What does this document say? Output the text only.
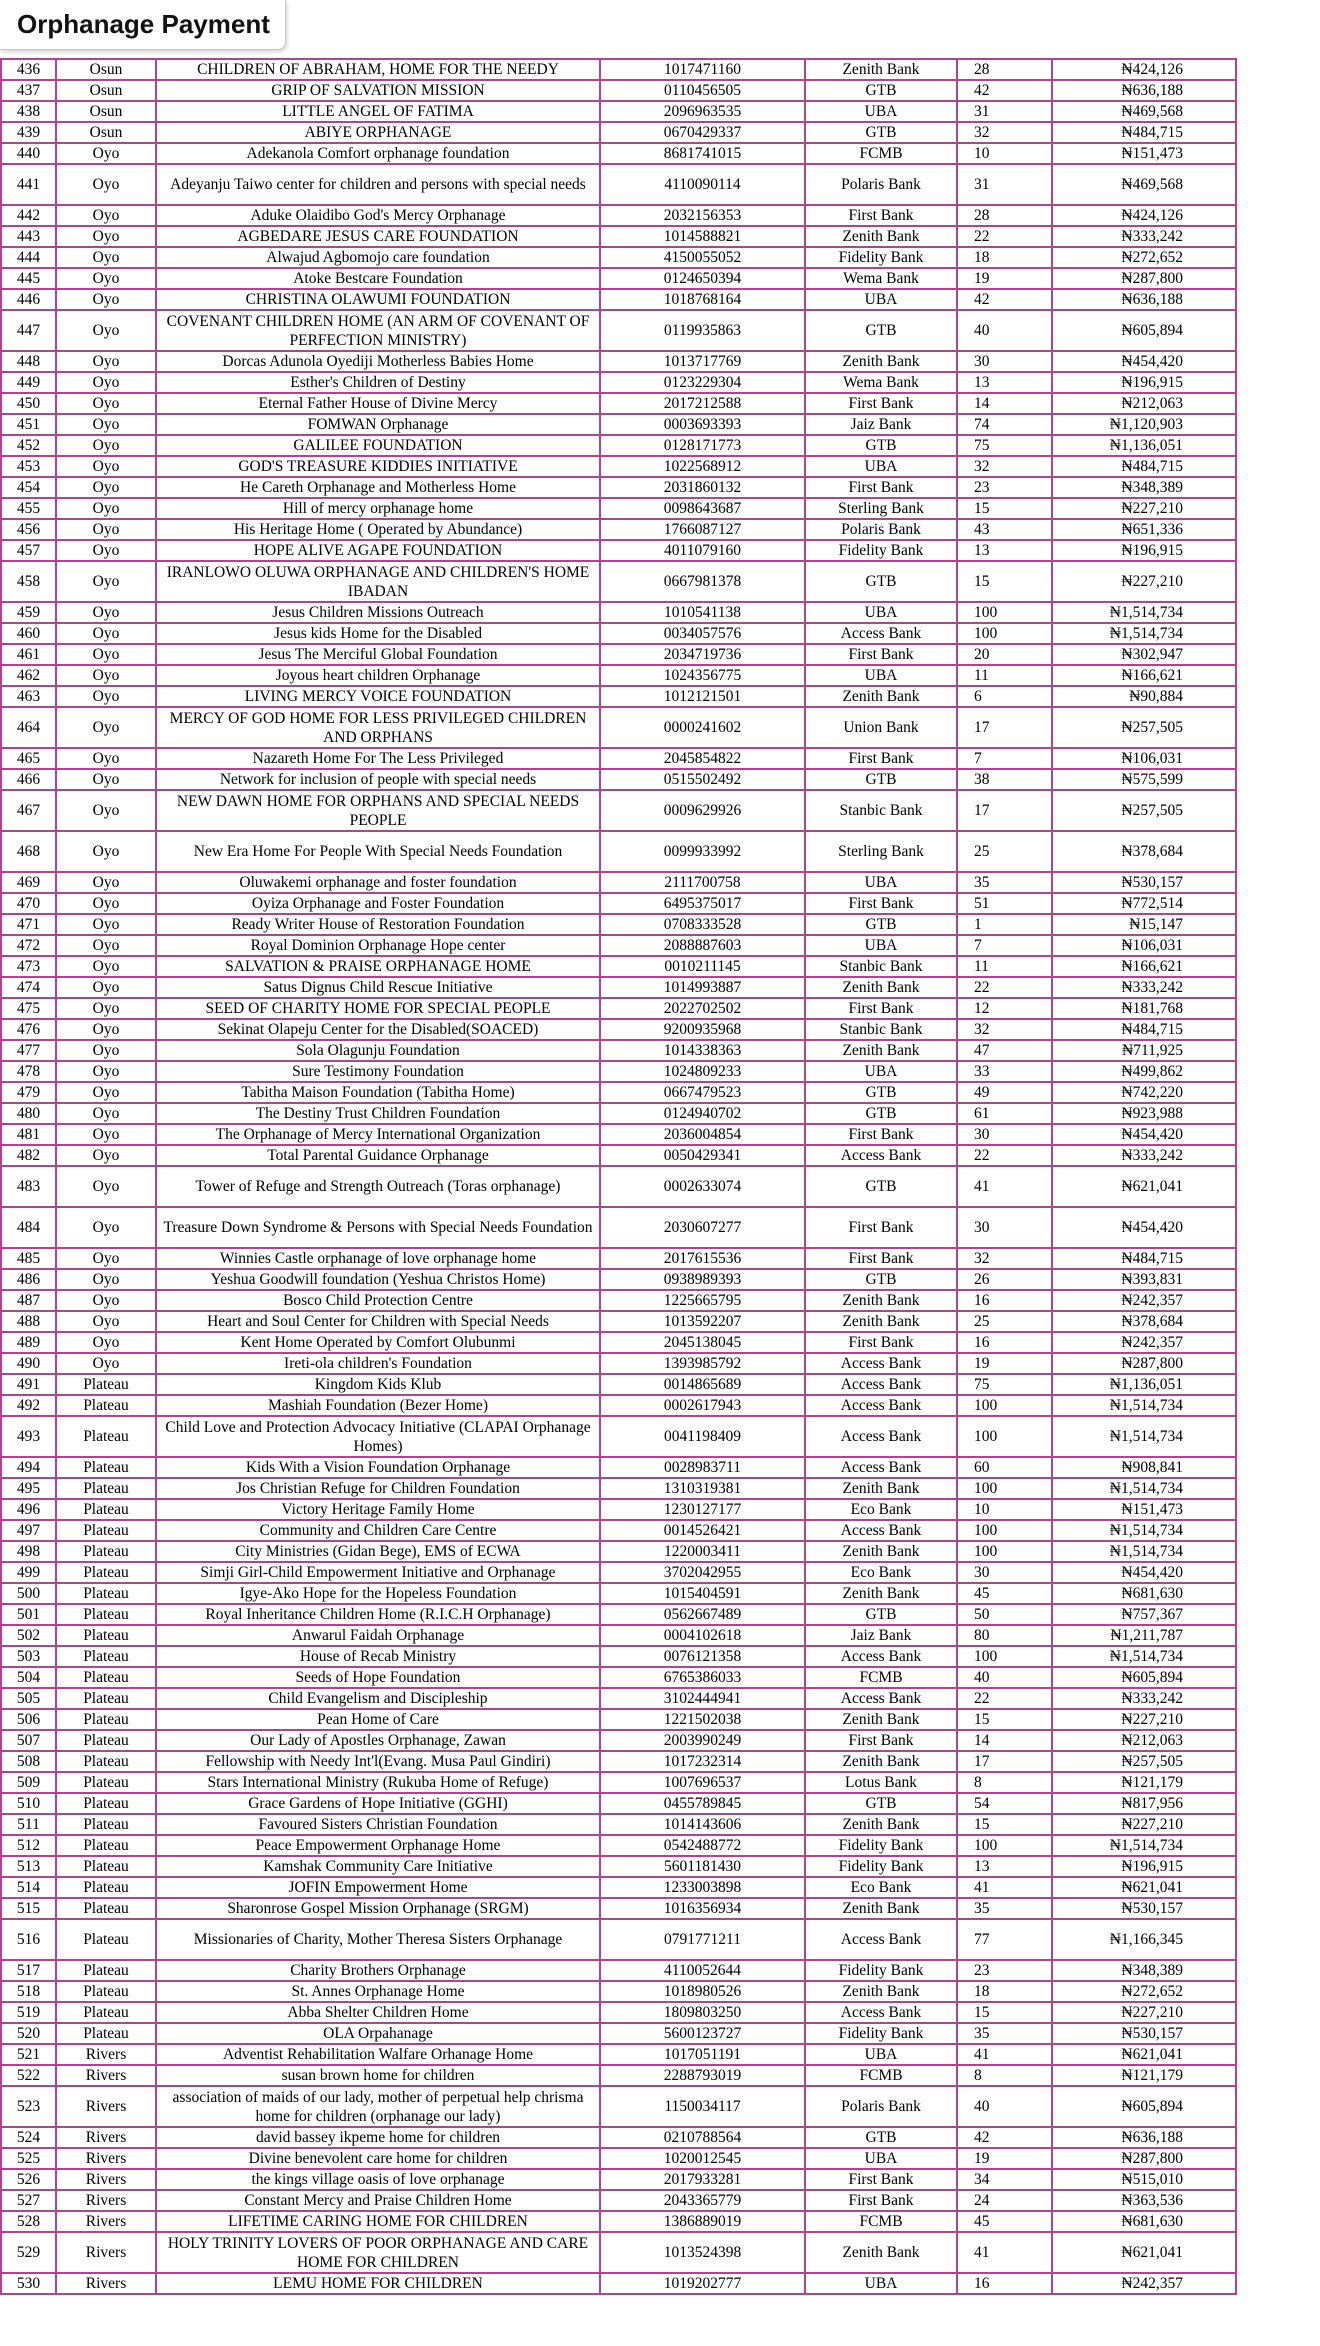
Orphanage Payment
436	Osun	CHILDREN OF ABRAHAM, HOME FOR THE NEEDY	1017471160	Zenith Bank	28	₦424,126
437	Osun	GRIP OF SALVATION MISSION	0110456505	GTB	42	₦636,188
438	Osun	LITTLE ANGEL OF FATIMA	2096963535	UBA	31	₦469,568
439	Osun	ABIYE ORPHANAGE	0670429337	GTB	32	₦484,715
440	Oyo	Adekanola Comfort orphanage foundation	8681741015	FCMB	10	₦151,473
441	Oyo	Adeyanju Taiwo center for children and persons with special needs	4110090114	Polaris Bank	31	₦469,568
442	Oyo	Aduke Olaidibo God's Mercy Orphanage	2032156353	First Bank	28	₦424,126
443	Oyo	AGBEDARE JESUS CARE FOUNDATION	1014588821	Zenith Bank	22	₦333,242
444	Oyo	Alwajud Agbomojo care foundation	4150055052	Fidelity Bank	18	₦272,652
445	Oyo	Atoke Bestcare Foundation	0124650394	Wema Bank	19	₦287,800
446	Oyo	CHRISTINA OLAWUMI FOUNDATION	1018768164	UBA	42	₦636,188
447	Oyo	COVENANT CHILDREN HOME (AN ARM OF COVENANT OF PERFECTION MINISTRY)	0119935863	GTB	40	₦605,894
448	Oyo	Dorcas Adunola Oyediji Motherless Babies Home	1013717769	Zenith Bank	30	₦454,420
449	Oyo	Esther's Children of Destiny	0123229304	Wema Bank	13	₦196,915
450	Oyo	Eternal Father House of Divine Mercy	2017212588	First Bank	14	₦212,063
451	Oyo	FOMWAN Orphanage	0003693393	Jaiz Bank	74	₦1,120,903
452	Oyo	GALILEE FOUNDATION	0128171773	GTB	75	₦1,136,051
453	Oyo	GOD'S TREASURE KIDDIES INITIATIVE	1022568912	UBA	32	₦484,715
454	Oyo	He Careth Orphanage and Motherless Home	2031860132	First Bank	23	₦348,389
455	Oyo	Hill of mercy orphanage home	0098643687	Sterling Bank	15	₦227,210
456	Oyo	His Heritage Home ( Operated by Abundance)	1766087127	Polaris Bank	43	₦651,336
457	Oyo	HOPE ALIVE AGAPE FOUNDATION	4011079160	Fidelity Bank	13	₦196,915
458	Oyo	IRANLOWO OLUWA ORPHANAGE AND CHILDREN'S HOME IBADAN	0667981378	GTB	15	₦227,210
459	Oyo	Jesus Children Missions Outreach	1010541138	UBA	100	₦1,514,734
460	Oyo	Jesus kids Home for the Disabled	0034057576	Access Bank	100	₦1,514,734
461	Oyo	Jesus The Merciful Global Foundation	2034719736	First Bank	20	₦302,947
462	Oyo	Joyous heart children Orphanage	1024356775	UBA	11	₦166,621
463	Oyo	LIVING MERCY VOICE FOUNDATION	1012121501	Zenith Bank	6	₦90,884
464	Oyo	MERCY OF GOD HOME FOR LESS PRIVILEGED CHILDREN AND ORPHANS	0000241602	Union Bank	17	₦257,505
465	Oyo	Nazareth Home For The Less Privileged	2045854822	First Bank	7	₦106,031
466	Oyo	Network for inclusion of people with special needs	0515502492	GTB	38	₦575,599
467	Oyo	NEW DAWN HOME FOR ORPHANS AND SPECIAL NEEDS PEOPLE	0009629926	Stanbic Bank	17	₦257,505
468	Oyo	New Era Home For People With Special Needs Foundation	0099933992	Sterling Bank	25	₦378,684
469	Oyo	Oluwakemi orphanage and foster foundation	2111700758	UBA	35	₦530,157
470	Oyo	Oyiza Orphanage and Foster Foundation	6495375017	First Bank	51	₦772,514
471	Oyo	Ready Writer House of Restoration Foundation	0708333528	GTB	1	₦15,147
472	Oyo	Royal Dominion Orphanage Hope center	2088887603	UBA	7	₦106,031
473	Oyo	SALVATION & PRAISE ORPHANAGE HOME	0010211145	Stanbic Bank	11	₦166,621
474	Oyo	Satus Dignus Child Rescue Initiative	1014993887	Zenith Bank	22	₦333,242
475	Oyo	SEED OF CHARITY HOME FOR SPECIAL PEOPLE	2022702502	First Bank	12	₦181,768
476	Oyo	Sekinat Olapeju Center for the Disabled(SOACED)	9200935968	Stanbic Bank	32	₦484,715
477	Oyo	Sola Olagunju Foundation	1014338363	Zenith Bank	47	₦711,925
478	Oyo	Sure Testimony Foundation	1024809233	UBA	33	₦499,862
479	Oyo	Tabitha Maison Foundation (Tabitha Home)	0667479523	GTB	49	₦742,220
480	Oyo	The Destiny Trust Children Foundation	0124940702	GTB	61	₦923,988
481	Oyo	The Orphanage of Mercy International Organization	2036004854	First Bank	30	₦454,420
482	Oyo	Total Parental Guidance Orphanage	0050429341	Access Bank	22	₦333,242
483	Oyo	Tower of Refuge and Strength Outreach (Toras orphanage)	0002633074	GTB	41	₦621,041
484	Oyo	Treasure Down Syndrome & Persons with Special Needs Foundation	2030607277	First Bank	30	₦454,420
485	Oyo	Winnies Castle orphanage of love orphanage home	2017615536	First Bank	32	₦484,715
486	Oyo	Yeshua Goodwill foundation (Yeshua Christos Home)	0938989393	GTB	26	₦393,831
487	Oyo	Bosco Child Protection Centre	1225665795	Zenith Bank	16	₦242,357
488	Oyo	Heart and Soul Center for Children with Special Needs	1013592207	Zenith Bank	25	₦378,684
489	Oyo	Kent Home Operated by Comfort Olubunmi	2045138045	First Bank	16	₦242,357
490	Oyo	Ireti-ola children's Foundation	1393985792	Access Bank	19	₦287,800
491	Plateau	Kingdom Kids Klub	0014865689	Access Bank	75	₦1,136,051
492	Plateau	Mashiah Foundation (Bezer Home)	0002617943	Access Bank	100	₦1,514,734
493	Plateau	Child Love and Protection Advocacy Initiative (CLAPAI Orphanage Homes)	0041198409	Access Bank	100	₦1,514,734
494	Plateau	Kids With a Vision Foundation Orphanage	0028983711	Access Bank	60	₦908,841
495	Plateau	Jos Christian Refuge for Children Foundation	1310319381	Zenith Bank	100	₦1,514,734
496	Plateau	Victory Heritage Family Home	1230127177	Eco Bank	10	₦151,473
497	Plateau	Community and Children Care Centre	0014526421	Access Bank	100	₦1,514,734
498	Plateau	City Ministries (Gidan Bege), EMS of ECWA	1220003411	Zenith Bank	100	₦1,514,734
499	Plateau	Simji Girl-Child Empowerment Initiative and Orphanage	3702042955	Eco Bank	30	₦454,420
500	Plateau	Igye-Ako Hope for the Hopeless Foundation	1015404591	Zenith Bank	45	₦681,630
501	Plateau	Royal Inheritance Children Home (R.I.C.H Orphanage)	0562667489	GTB	50	₦757,367
502	Plateau	Anwarul Faidah Orphanage	0004102618	Jaiz Bank	80	₦1,211,787
503	Plateau	House of Recab Ministry	0076121358	Access Bank	100	₦1,514,734
504	Plateau	Seeds of Hope Foundation	6765386033	FCMB	40	₦605,894
505	Plateau	Child Evangelism and Discipleship	3102444941	Access Bank	22	₦333,242
506	Plateau	Pean Home of Care	1221502038	Zenith Bank	15	₦227,210
507	Plateau	Our Lady of Apostles Orphanage, Zawan	2003990249	First Bank	14	₦212,063
508	Plateau	Fellowship with Needy Int'l(Evang. Musa Paul Gindiri)	1017232314	Zenith Bank	17	₦257,505
509	Plateau	Stars International Ministry (Rukuba Home of Refuge)	1007696537	Lotus Bank	8	₦121,179
510	Plateau	Grace Gardens of Hope Initiative (GGHI)	0455789845	GTB	54	₦817,956
511	Plateau	Favoured Sisters Christian Foundation	1014143606	Zenith Bank	15	₦227,210
512	Plateau	Peace Empowerment Orphanage Home	0542488772	Fidelity Bank	100	₦1,514,734
513	Plateau	Kamshak Community Care Initiative	5601181430	Fidelity Bank	13	₦196,915
514	Plateau	JOFIN Empowerment Home	1233003898	Eco Bank	41	₦621,041
515	Plateau	Sharonrose Gospel Mission Orphanage (SRGM)	1016356934	Zenith Bank	35	₦530,157
516	Plateau	Missionaries of Charity, Mother Theresa Sisters Orphanage	0791771211	Access Bank	77	₦1,166,345
517	Plateau	Charity Brothers Orphanage	4110052644	Fidelity Bank	23	₦348,389
518	Plateau	St. Annes Orphanage Home	1018980526	Zenith Bank	18	₦272,652
519	Plateau	Abba Shelter Children Home	1809803250	Access Bank	15	₦227,210
520	Plateau	OLA Orpahanage	5600123727	Fidelity Bank	35	₦530,157
521	Rivers	Adventist Rehabilitation Walfare Orhanage Home	1017051191	UBA	41	₦621,041
522	Rivers	susan brown home for children	2288793019	FCMB	8	₦121,179
523	Rivers	association of maids of our lady, mother of perpetual help chrisma home for children (orphanage our lady)	1150034117	Polaris Bank	40	₦605,894
524	Rivers	david bassey ikpeme home for children	0210788564	GTB	42	₦636,188
525	Rivers	Divine benevolent care home for children	1020012545	UBA	19	₦287,800
526	Rivers	the kings village oasis of love orphanage	2017933281	First Bank	34	₦515,010
527	Rivers	Constant Mercy and Praise Children Home	2043365779	First Bank	24	₦363,536
528	Rivers	LIFETIME CARING HOME FOR CHILDREN	1386889019	FCMB	45	₦681,630
529	Rivers	HOLY TRINITY LOVERS OF POOR ORPHANAGE AND CARE HOME FOR CHILDREN	1013524398	Zenith Bank	41	₦621,041
530	Rivers	LEMU HOME FOR CHILDREN	1019202777	UBA	16	₦242,357
